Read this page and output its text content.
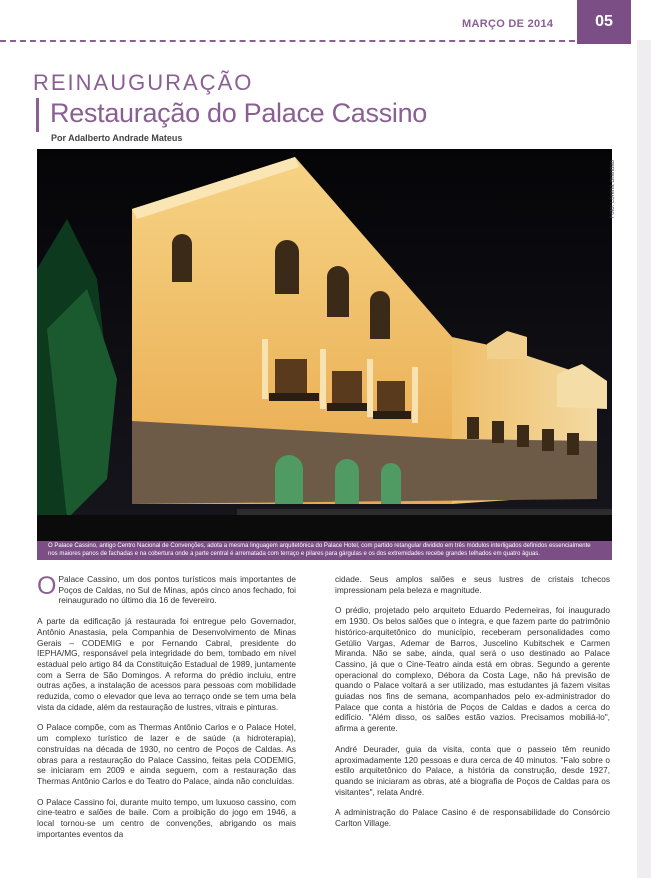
MARÇO DE 2014	05
REINAUGURAÇÃO
Restauração do Palace Cassino
Por Adalberto Andrade Mateus
Foto: Lorena Brandão
O Palace Cassino, antigo Centro Nacional de Convenções, adota a mesma linguagem arquitetônica do Palace Hotel, com partido retangular dividido em três módulos interligados definidos essencialmente nos maiores panos de fachadas e na cobertura onde a parte central é arrematada com terraço e pilares para gárgulas e os dos extremidades recebe grandes telhados em quatro águas.

O Palace Cassino, um dos pontos turísticos mais importantes de Poços de Caldas, no Sul de Minas, após cinco anos fechado, foi reinaugurado no último dia 16 de fevereiro.

A parte da edificação já restaurada foi entregue pelo Governador, Antônio Anastasia, pela Companhia de Desenvolvimento de Minas Gerais – CODEMIG e por Fernando Cabral, presidente do IEPHA/MG, responsável pela integridade do bem, tombado em nível estadual pelo artigo 84 da Constituição Estadual de 1989, juntamente com a Serra de São Domingos. A reforma do prédio incluiu, entre outras ações, a instalação de acessos para pessoas com mobilidade reduzida, como o elevador que leva ao terraço onde se tem uma bela vista da cidade, além da restauração de lustres, vitrais e pinturas.

O Palace compõe, com as Thermas Antônio Carlos e o Palace Hotel, um complexo turístico de lazer e de saúde (a hidroterapia), construídas na década de 1930, no centro de Poços de Caldas. As obras para a restauração do Palace Cassino, feitas pela CODEMIG, se iniciaram em 2009 e ainda seguem, com a restauração das Thermas Antônio Carlos e do Teatro do Palace, ainda não concluídas.

O Palace Cassino foi, durante muito tempo, um luxuoso cassino, com cine-teatro e salões de baile. Com a proibição do jogo em 1946, a local tornou-se um centro de convenções, abrigando os mais importantes eventos da

cidade. Seus amplos salões e seus lustres de cristais tchecos impressionam pela beleza e magnitude.

O prédio, projetado pelo arquiteto Eduardo Pederneiras, foi inaugurado em 1930. Os belos salões que o integra, e que fazem parte do patrimônio histórico-arquitetônico do município, receberam personalidades como Getúlio Vargas, Ademar de Barros, Juscelino Kubitschek e Carmen Miranda. Não se sabe, ainda, qual será o uso destinado ao Palace Cassino, já que o Cine-Teatro ainda está em obras. Segundo a gerente operacional do complexo, Débora da Costa Lage, não há previsão de quando o Palace voltará a ser utilizado, mas estudantes já fazem visitas guiadas nos fins de semana, acompanhados pelo ex-administrador do Palace que conta a história de Poços de Caldas e dados a cerca do edifício. "Além disso, os salões estão vazios. Precisamos mobiliá-lo", afirma a gerente.

André Deurader, guia da visita, conta que o passeio têm reunido aproximadamente 120 pessoas e dura cerca de 40 minutos. "Falo sobre o estilo arquitetônico do Palace, a história da construção, desde 1927, quando se iniciaram as obras, até a biografia de Poços de Caldas para os visitantes", relata André.

A administração do Palace Casino é de responsabilidade do Consórcio Carlton Village.
